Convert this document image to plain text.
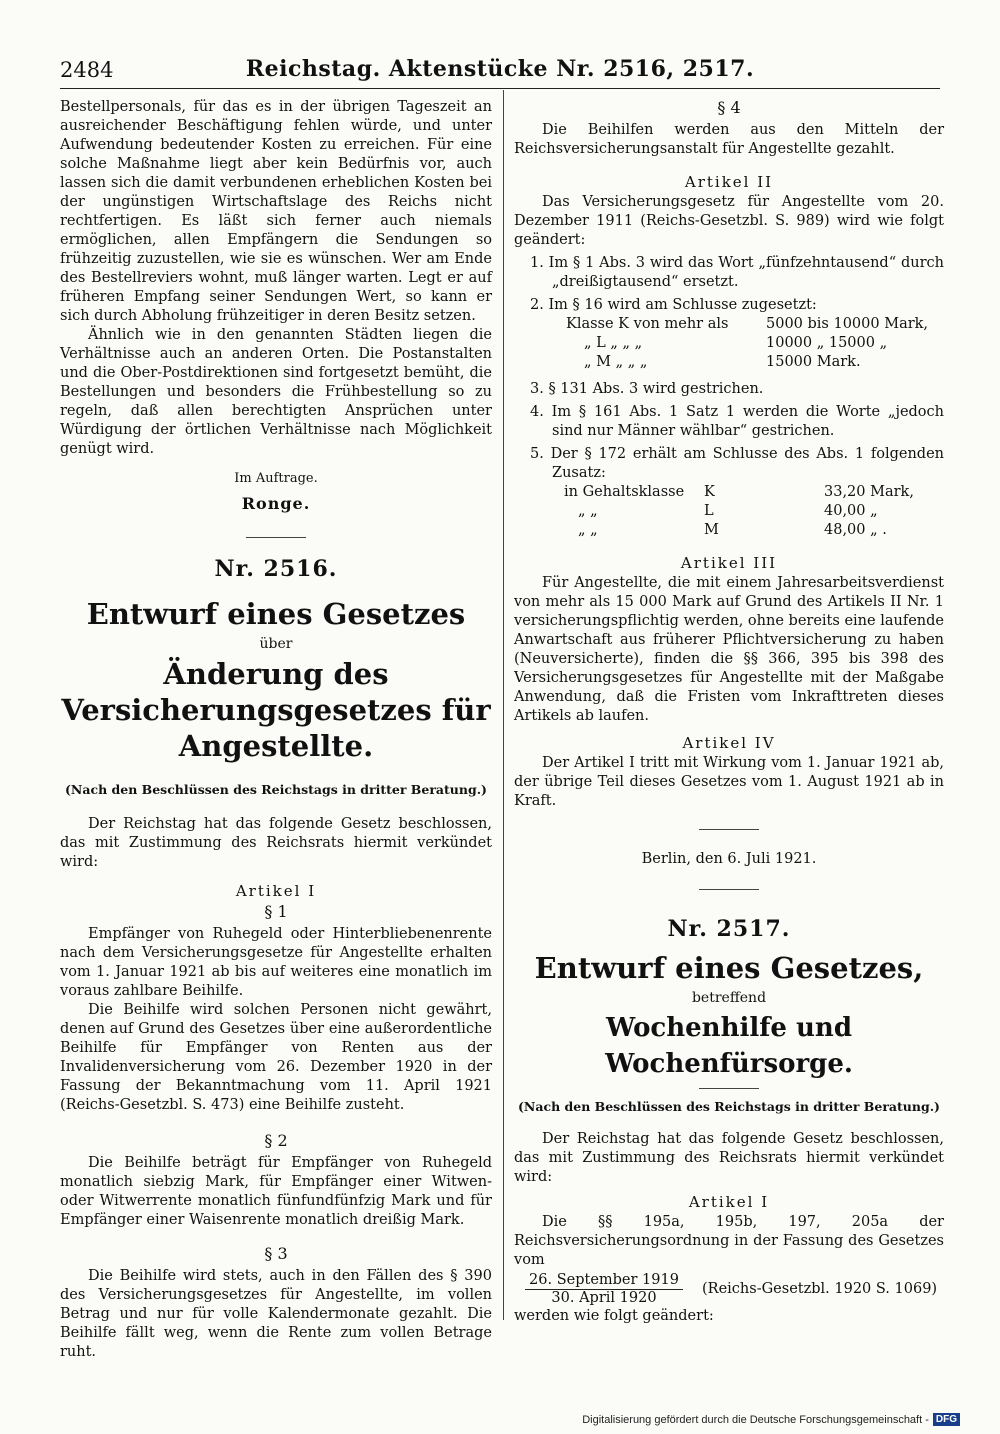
2484	Reichstag. Aktenstücke Nr. 2516, 2517.

Bestellpersonals, für das es in der übrigen Tageszeit an ausreichender Beschäftigung fehlen würde, und unter Aufwendung bedeutender Kosten zu erreichen. Für eine solche Maßnahme liegt aber kein Bedürfnis vor, auch lassen sich die damit verbundenen erheblichen Kosten bei der ungünstigen Wirtschaftslage des Reichs nicht rechtfertigen. Es läßt sich ferner auch niemals ermöglichen, allen Empfängern die Sendungen so frühzeitig zuzustellen, wie sie es wünschen. Wer am Ende des Bestellreviers wohnt, muß länger warten. Legt er auf früheren Empfang seiner Sendungen Wert, so kann er sich durch Abholung frühzeitiger in deren Besitz setzen.

Ähnlich wie in den genannten Städten liegen die Verhältnisse auch an anderen Orten. Die Postanstalten und die Ober-Postdirektionen sind fortgesetzt bemüht, die Bestellungen und besonders die Frühbestellung so zu regeln, daß allen berechtigten Ansprüchen unter Würdigung der örtlichen Verhältnisse nach Möglichkeit genügt wird.

Im Auftrage.

Ronge.
Nr. 2516.
Entwurf eines Gesetzes
über
Änderung des Versicherungsgesetzes für Angestellte.
(Nach den Beschlüssen des Reichstags in dritter Beratung.)

Der Reichstag hat das folgende Gesetz beschlossen, das mit Zustimmung des Reichsrats hiermit verkündet wird:

Artikel I
§ 1

Empfänger von Ruhegeld oder Hinterbliebenenrente nach dem Versicherungsgesetze für Angestellte erhalten vom 1. Januar 1921 ab bis auf weiteres eine monatlich im voraus zahlbare Beihilfe.

Die Beihilfe wird solchen Personen nicht gewährt, denen auf Grund des Gesetzes über eine außerordentliche Beihilfe für Empfänger von Renten aus der Invalidenversicherung vom 26. Dezember 1920 in der Fassung der Bekanntmachung vom 11. April 1921 (Reichs-Gesetzbl. S. 473) eine Beihilfe zusteht.

§ 2

Die Beihilfe beträgt für Empfänger von Ruhegeld monatlich siebzig Mark, für Empfänger einer Witwen- oder Witwerrente monatlich fünfundfünfzig Mark und für Empfänger einer Waisenrente monatlich dreißig Mark.

§ 3

Die Beihilfe wird stets, auch in den Fällen des § 390 des Versicherungsgesetzes für Angestellte, im vollen Betrag und nur für volle Kalendermonate gezahlt. Die Beihilfe fällt weg, wenn die Rente zum vollen Betrage ruht.

§ 4

Die Beihilfen werden aus den Mitteln der Reichsversicherungsanstalt für Angestellte gezahlt.

Artikel II

Das Versicherungsgesetz für Angestellte vom 20. Dezember 1911 (Reichs-Gesetzbl. S. 989) wird wie folgt geändert:

1. Im § 1 Abs. 3 wird das Wort „fünfzehntausend“ durch „dreißigtausend“ ersetzt.
2. Im § 16 wird am Schlusse zugesetzt:
Klasse K von mehr als	5000 bis 10000 Mark,
„ L „ „ „	10000 „ 15000 „
„ M „ „ „	15000 Mark.
3. § 131 Abs. 3 wird gestrichen.
4. Im § 161 Abs. 1 Satz 1 werden die Worte „jedoch sind nur Männer wählbar“ gestrichen.
5. Der § 172 erhält am Schlusse des Abs. 1 folgenden Zusatz:
in Gehaltsklasse	K	33,20 Mark,
„ „	L	40,00 „
„ „	M	48,00 „ .
Artikel III

Für Angestellte, die mit einem Jahresarbeitsverdienst von mehr als 15 000 Mark auf Grund des Artikels II Nr. 1 versicherungspflichtig werden, ohne bereits eine laufende Anwartschaft aus früherer Pflichtversicherung zu haben (Neuversicherte), finden die §§ 366, 395 bis 398 des Versicherungsgesetzes für Angestellte mit der Maßgabe Anwendung, daß die Fristen vom Inkrafttreten dieses Artikels ab laufen.

Artikel IV

Der Artikel I tritt mit Wirkung vom 1. Januar 1921 ab, der übrige Teil dieses Gesetzes vom 1. August 1921 ab in Kraft.

Berlin, den 6. Juli 1921.

Nr. 2517.
Entwurf eines Gesetzes,
betreffend
Wochenhilfe und Wochenfürsorge.
(Nach den Beschlüssen des Reichstags in dritter Beratung.)

Der Reichstag hat das folgende Gesetz beschlossen, das mit Zustimmung des Reichsrats hiermit verkündet wird:

Artikel I

Die §§ 195a, 195b, 197, 205a der Reichsversicherungsordnung in der Fassung des Gesetzes vom

26. September 1919
30. April 1920
(Reichs-Gesetzbl. 1920 S. 1069)

werden wie folgt geändert:

Digitalisierung gefördert durch die Deutsche Forschungsgemeinschaft - DFG
